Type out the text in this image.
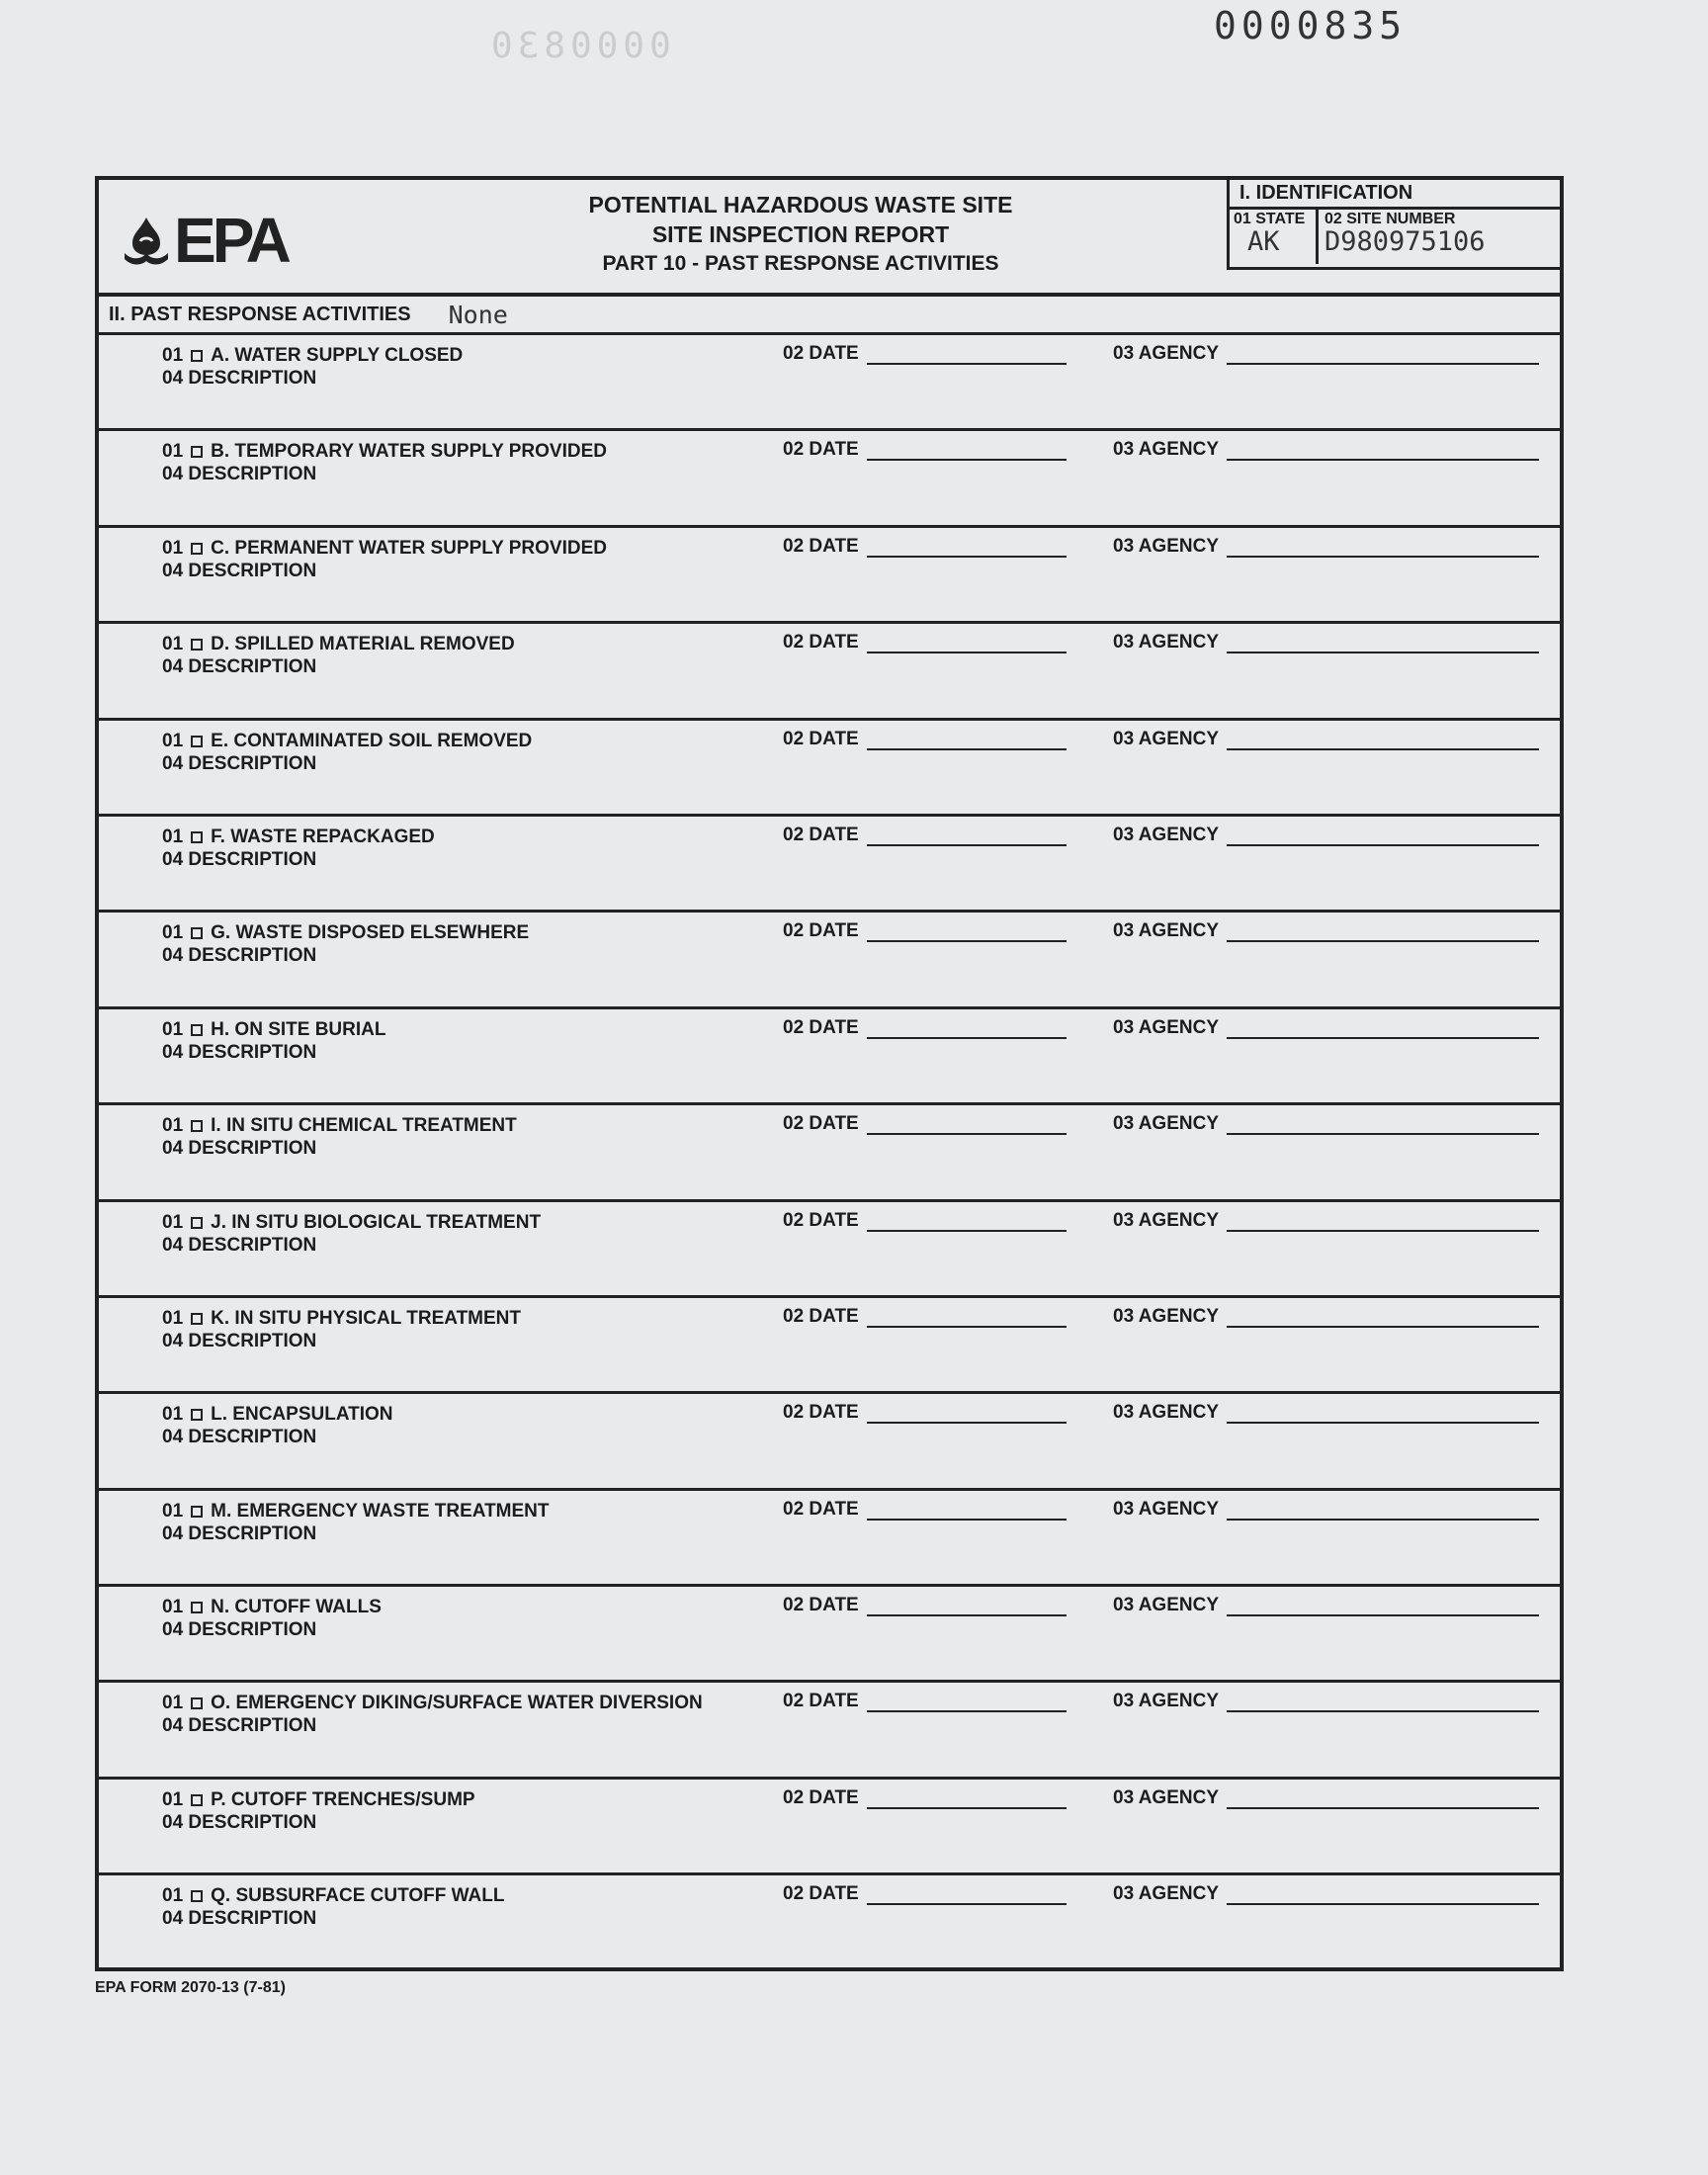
0000835
0000830
EPA	POTENTIAL HAZARDOUS WASTE SITE
SITE INSPECTION REPORT
PART 10 - PAST RESPONSE ACTIVITIES
I. IDENTIFICATION
01 STATE
AK
02 SITE NUMBER
D980975106
II. PAST RESPONSE ACTIVITIES None
01 A. WATER SUPPLY CLOSED
04 DESCRIPTION
02 DATE	03 AGENCY
01 B. TEMPORARY WATER SUPPLY PROVIDED
04 DESCRIPTION
02 DATE	03 AGENCY
01 C. PERMANENT WATER SUPPLY PROVIDED
04 DESCRIPTION
02 DATE	03 AGENCY
01 D. SPILLED MATERIAL REMOVED
04 DESCRIPTION
02 DATE	03 AGENCY
01 E. CONTAMINATED SOIL REMOVED
04 DESCRIPTION
02 DATE	03 AGENCY
01 F. WASTE REPACKAGED
04 DESCRIPTION
02 DATE	03 AGENCY
01 G. WASTE DISPOSED ELSEWHERE
04 DESCRIPTION
02 DATE	03 AGENCY
01 H. ON SITE BURIAL
04 DESCRIPTION
02 DATE	03 AGENCY
01 I. IN SITU CHEMICAL TREATMENT
04 DESCRIPTION
02 DATE	03 AGENCY
01 J. IN SITU BIOLOGICAL TREATMENT
04 DESCRIPTION
02 DATE	03 AGENCY
01 K. IN SITU PHYSICAL TREATMENT
04 DESCRIPTION
02 DATE	03 AGENCY
01 L. ENCAPSULATION
04 DESCRIPTION
02 DATE	03 AGENCY
01 M. EMERGENCY WASTE TREATMENT
04 DESCRIPTION
02 DATE	03 AGENCY
01 N. CUTOFF WALLS
04 DESCRIPTION
02 DATE	03 AGENCY
01 O. EMERGENCY DIKING/SURFACE WATER DIVERSION
04 DESCRIPTION
02 DATE	03 AGENCY
01 P. CUTOFF TRENCHES/SUMP
04 DESCRIPTION
02 DATE	03 AGENCY
01 Q. SUBSURFACE CUTOFF WALL
04 DESCRIPTION
02 DATE	03 AGENCY
EPA FORM 2070-13 (7-81)
